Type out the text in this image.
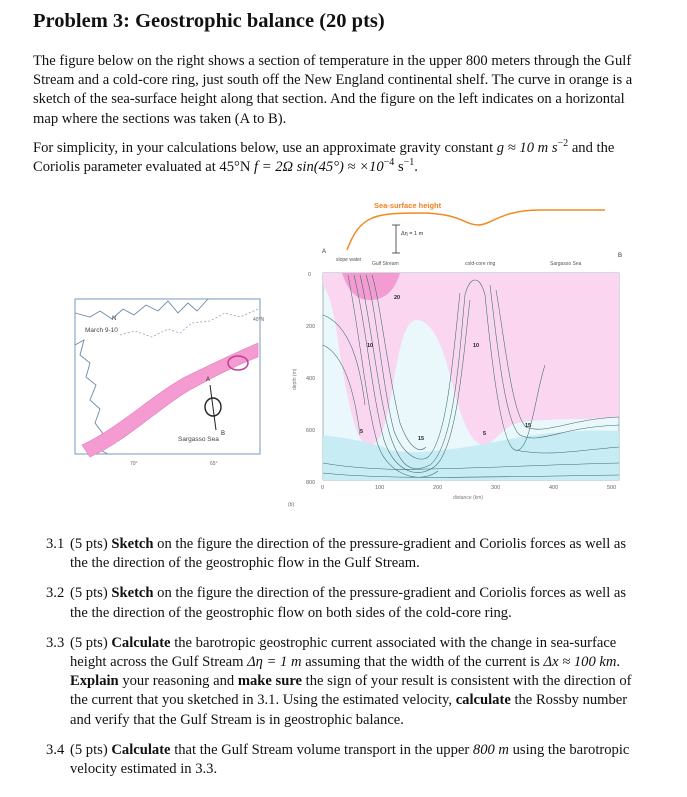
Problem 3: Geostrophic balance (20 pts)

The figure below on the right shows a section of temperature in the upper 800 meters through the Gulf Stream and a cold-core ring, just south off the New England continental shelf. The curve in orange is a sketch of the sea-surface height along that section. And the figure on the left indicates on a horizontal map where the sections was taken (A to B).

For simplicity, in your calculations below, use an approximate gravity constant g ≈ 10 m $s^{-2}$ and the Coriolis parameter evaluated at 45°N f = 2Ω $\sin(45^\circ) \approx \times 10^{-4}$ $s^{-1}$.

N
March 9-10
Sargasso Sea
A
B
40°N
70°	65°
Sea-surface height
Δη = 1 m
A
B
slope water
Gulf Stream	cold-core ring	Sargasso Sea
0
200
400
600
800
depth (m)
0	100	200	300	400	500
distance (km)
20
10	10
5
15
5
15
(b)
3.1 (5 pts) Sketch on the figure the direction of the pressure-gradient and Coriolis forces as well as the the direction of the geostrophic flow in the Gulf Stream.
3.2 (5 pts) Sketch on the figure the direction of the pressure-gradient and Coriolis forces as well as the the direction of the geostrophic flow on both sides of the cold-core ring.
3.3 (5 pts) Calculate the barotropic geostrophic current associated with the change in sea-surface height across the Gulf Stream Δη = 1 m assuming that the width of the current is Δx ≈ 100 km. Explain your reasoning and make sure the sign of your result is consistent with the direction of the current that you sketched in 3.1. Using the estimated velocity, calculate the Rossby number and verify that the Gulf Stream is in geostrophic balance.
3.4 (5 pts) Calculate that the Gulf Stream volume transport in the upper 800 m using the barotropic velocity estimated in 3.3.
